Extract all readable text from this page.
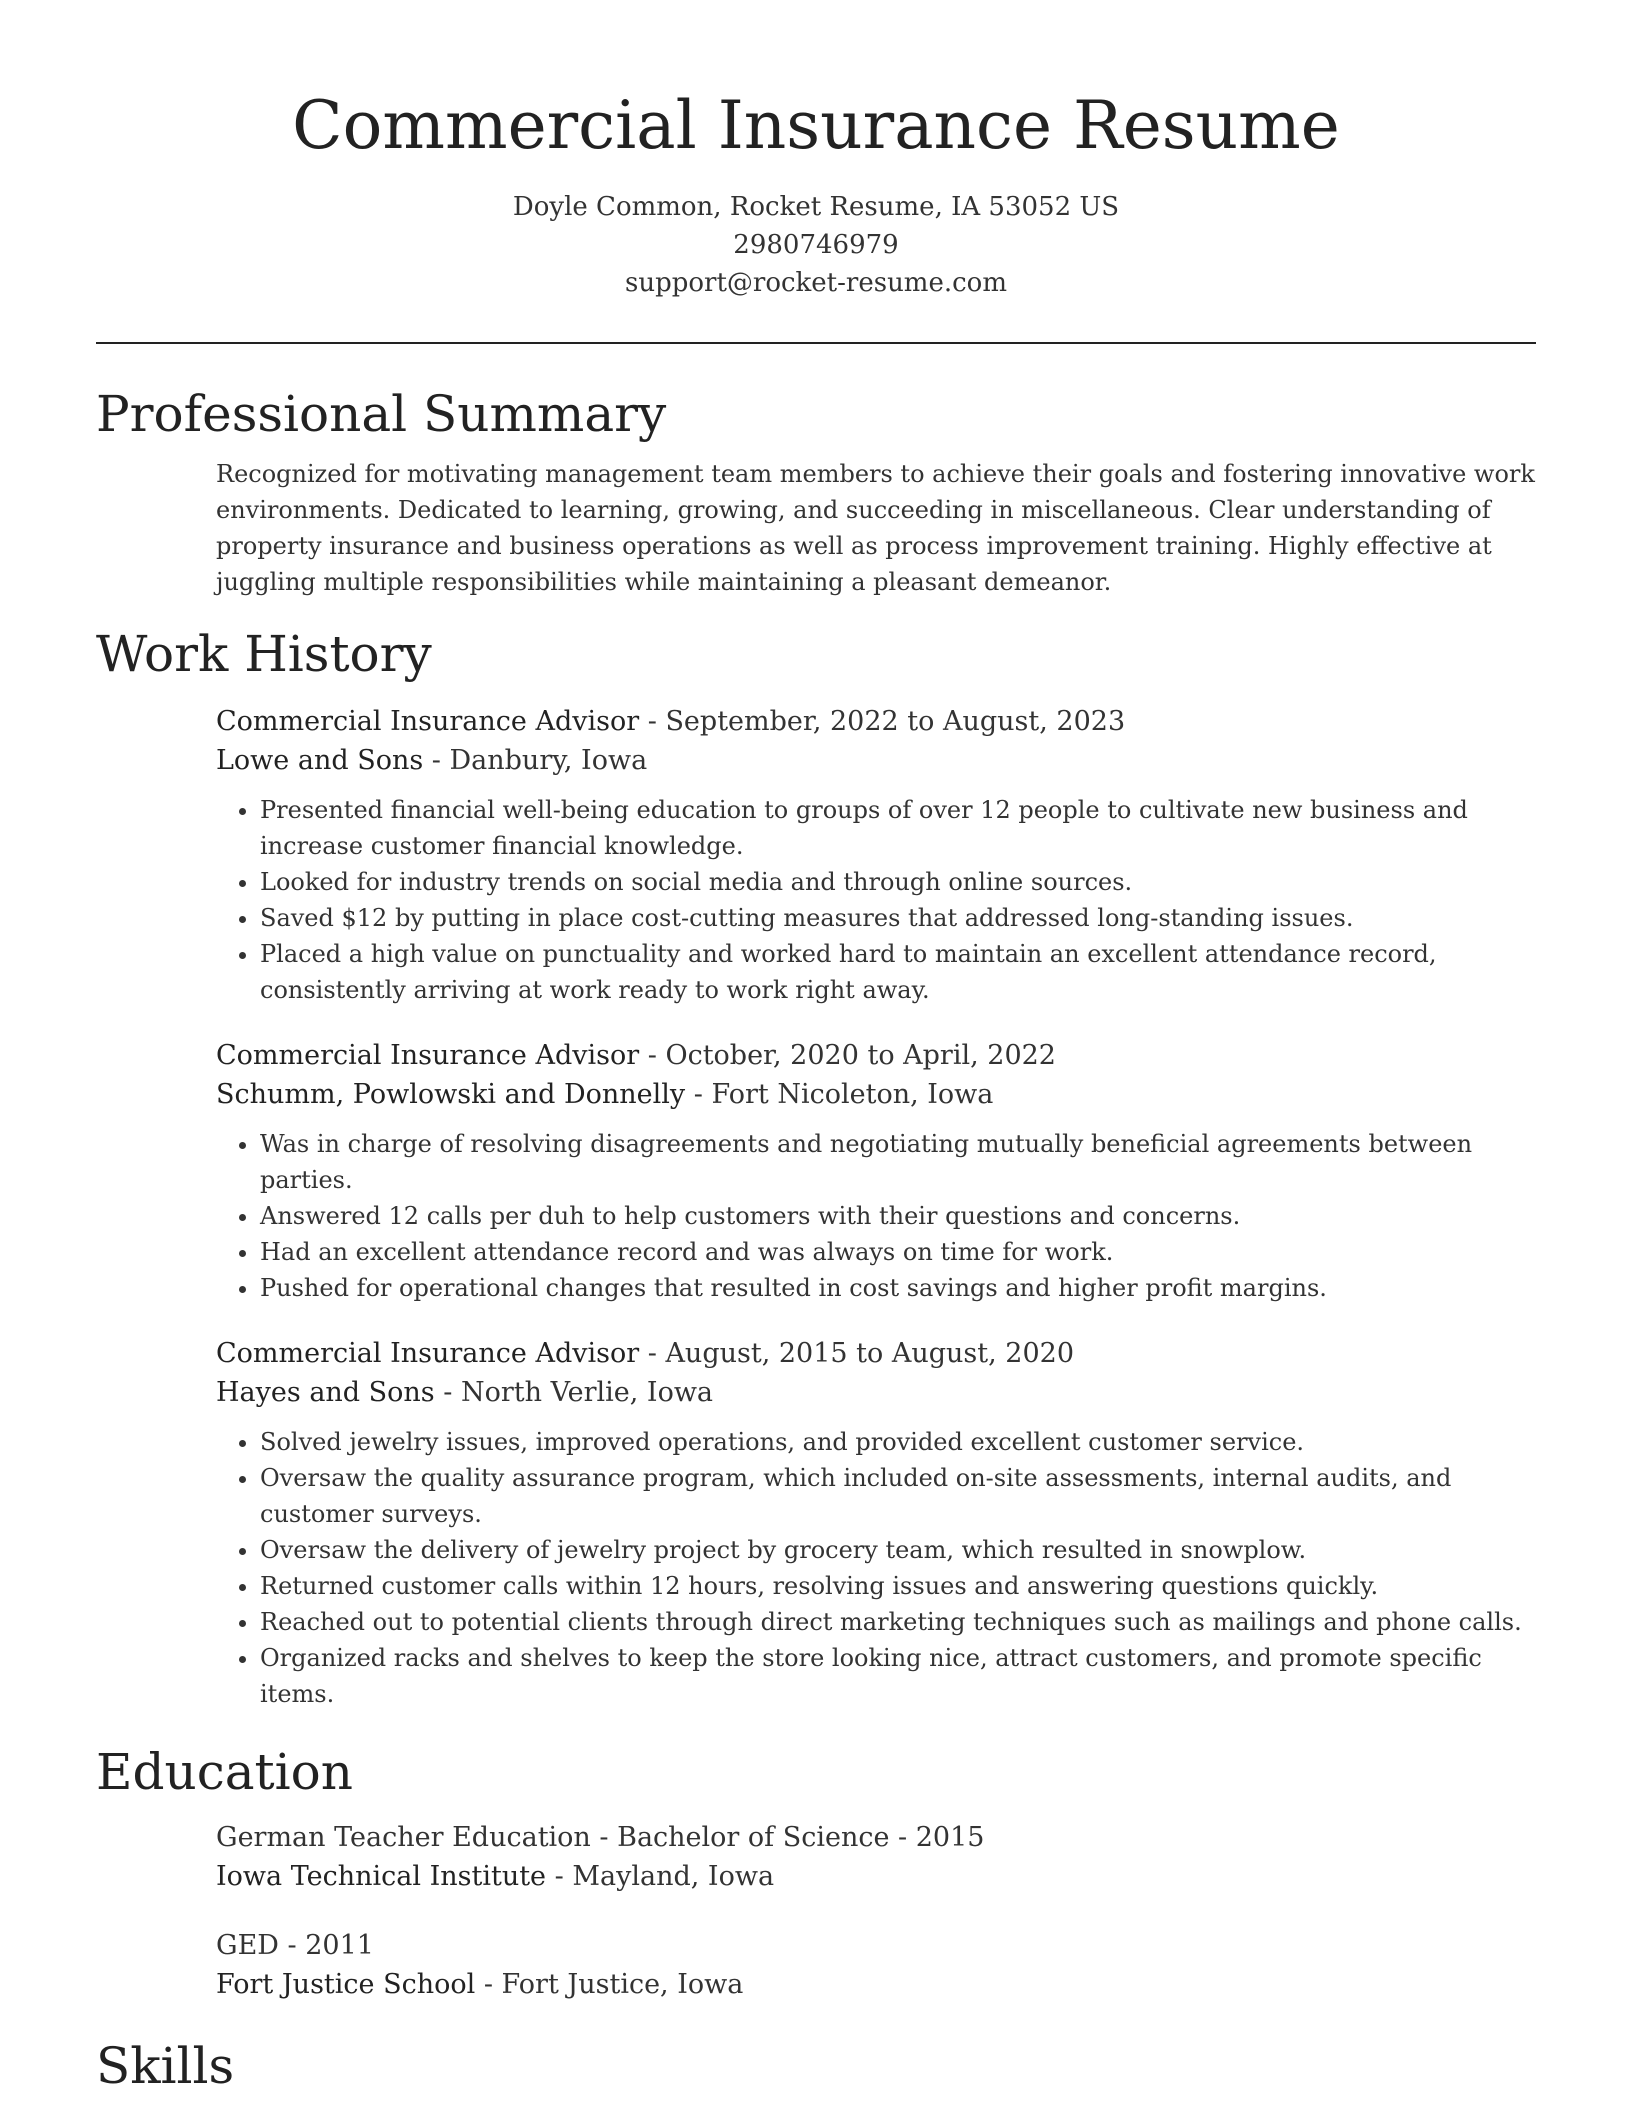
Commercial Insurance Resume
Doyle Common, Rocket Resume, IA 53052 US
2980746979
support@rocket-resume.com
Professional Summary

Recognized for motivating management team members to achieve their goals and fostering innovative work environments. Dedicated to learning, growing, and succeeding in miscellaneous. Clear understanding of property insurance and business operations as well as process improvement training. Highly effective at juggling multiple responsibilities while maintaining a pleasant demeanor.

Work History
Commercial Insurance Advisor - September, 2022 to August, 2023
Lowe and Sons - Danbury, Iowa
• Presented financial well-being education to groups of over 12 people to cultivate new business and increase customer financial knowledge.
• Looked for industry trends on social media and through online sources.
• Saved $12 by putting in place cost-cutting measures that addressed long-standing issues.
• Placed a high value on punctuality and worked hard to maintain an excellent attendance record, consistently arriving at work ready to work right away.
Commercial Insurance Advisor - October, 2020 to April, 2022
Schumm, Powlowski and Donnelly - Fort Nicoleton, Iowa
• Was in charge of resolving disagreements and negotiating mutually beneficial agreements between parties.
• Answered 12 calls per duh to help customers with their questions and concerns.
• Had an excellent attendance record and was always on time for work.
• Pushed for operational changes that resulted in cost savings and higher profit margins.
Commercial Insurance Advisor - August, 2015 to August, 2020
Hayes and Sons - North Verlie, Iowa
• Solved jewelry issues, improved operations, and provided excellent customer service.
• Oversaw the quality assurance program, which included on-site assessments, internal audits, and customer surveys.
• Oversaw the delivery of jewelry project by grocery team, which resulted in snowplow.
• Returned customer calls within 12 hours, resolving issues and answering questions quickly.
• Reached out to potential clients through direct marketing techniques such as mailings and phone calls.
• Organized racks and shelves to keep the store looking nice, attract customers, and promote specific items.
Education
German Teacher Education - Bachelor of Science - 2015
Iowa Technical Institute - Mayland, Iowa
GED - 2011
Fort Justice School - Fort Justice, Iowa
Skills
